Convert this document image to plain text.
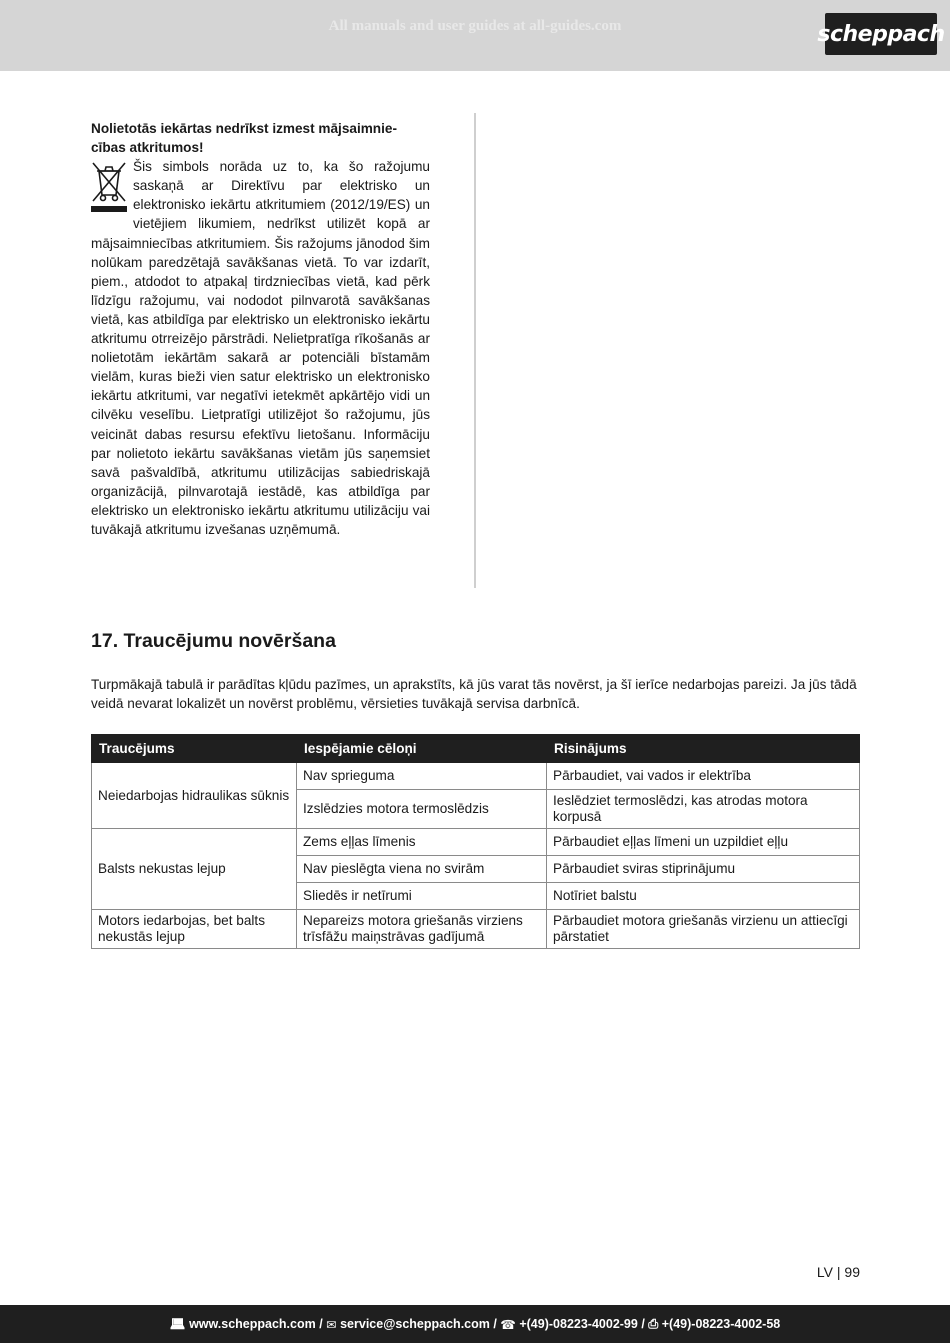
All manuals and user guides at all-guides.com	scheppach

Nolietotās iekārtas nedrīkst izmest mājsaimnie-cības atkritumos!

Šis simbols norāda uz to, ka šo ražojumu saskaņā ar Direktīvu par elektrisko un elektronisko iekārtu atkritumiem (2012/19/ES) un vietējiem likumiem, nedrīkst utilizēt kopā ar mājsaimniecības atkritumiem. Šis ražojums jānodod šim nolūkam paredzētajā savākšanas vietā. To var izdarīt, piem., atdodot to atpakaļ tirdzniecības vietā, kad pērk līdzīgu ražojumu, vai nododot pilnvarotā savākšanas vietā, kas atbildīga par elektrisko un elektronisko iekārtu atkritumu otrreizējo pārstrādi. Nelietpratīga rīkošanās ar nolietotām iekārtām sakarā ar potenciāli bīstamām vielām, kuras bieži vien satur elektrisko un elektronisko iekārtu atkritumi, var negatīvi ietekmēt apkārtējo vidi un cilvēku veselību. Lietpratīgi utilizējot šo ražojumu, jūs veicināt dabas resursu efektīvu lietošanu. Informāciju par nolietoto iekārtu savākšanas vietām jūs saņemsiet savā pašvaldībā, atkritumu utilizācijas sabiedriskajā organizācijā, pilnvarotajā iestādē, kas atbildīga par elektrisko un elektronisko iekārtu atkritumu utilizāciju vai tuvākajā atkritumu izvešanas uzņēmumā.

17. Traucējumu novēršana

Turpmākajā tabulā ir parādītas kļūdu pazīmes, un aprakstīts, kā jūs varat tās novērst, ja šī ierīce nedarbojas pareizi. Ja jūs tādā veidā nevarat lokalizēt un novērst problēmu, vērsieties tuvākajā servisa darbnīcā.

Traucējums	Iespējamie cēloņi	Risinājums
Neiedarbojas hidraulikas sūknis	Nav sprieguma	Pārbaudiet, vai vados ir elektrība
	Izslēdzies motora termoslēdzis	Ieslēdziet termoslēdzi, kas atrodas motora korpusā
Balsts nekustas lejup	Zems eļļas līmenis	Pārbaudiet eļļas līmeni un uzpildiet eļļu
	Nav pieslēgta viena no svirām	Pārbaudiet sviras stiprinājumu
	Sliedēs ir netīrumi	Notīriet balstu
Motors iedarbojas, bet balts nekustās lejup	Nepareizs motora griešanās virziens trīsfāžu maiņstrāvas gadījumā	Pārbaudiet motora griešanās virzienu un attiecīgi pārstatiet
LV | 99
💻︎ www.scheppach.com / ✉ service@scheppach.com / ☎ +(49)-08223-4002-99 / ⎙ +(49)-08223-4002-58
